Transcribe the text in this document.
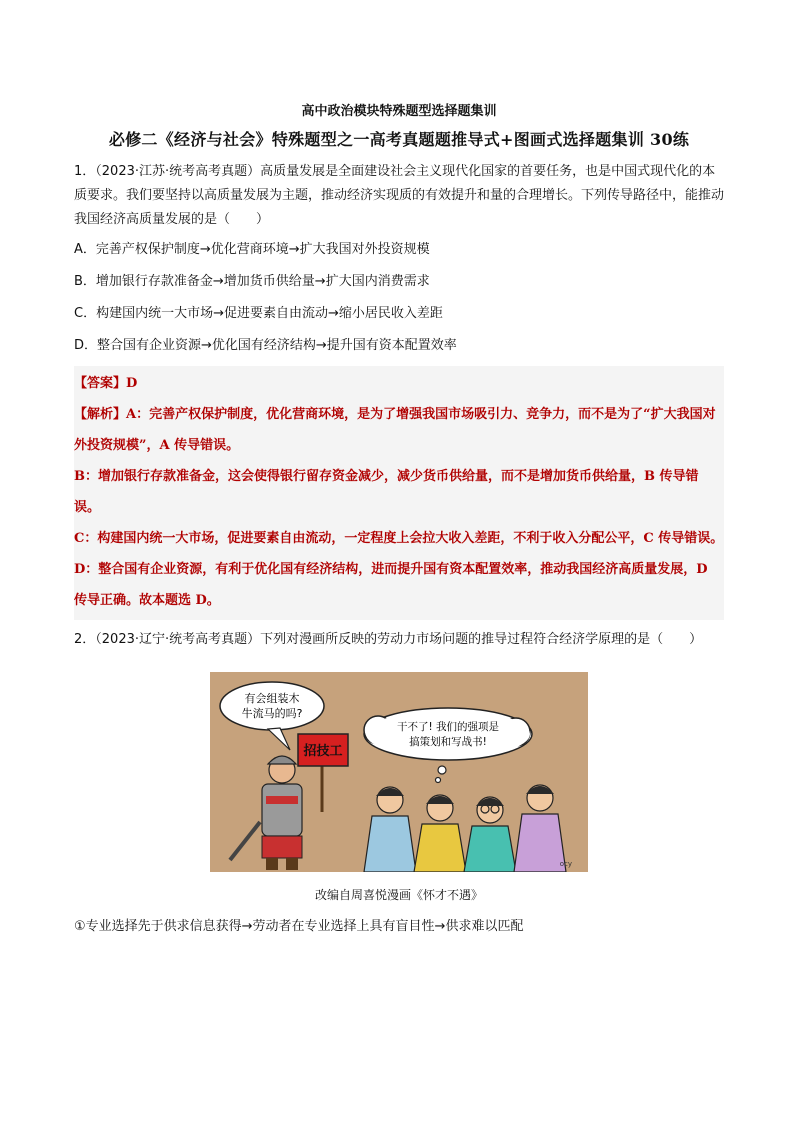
高中政治模块特殊题型选择题集训
必修二《经济与社会》特殊题型之一高考真题题推导式+图画式选择题集训 30练

1．（2023·江苏·统考高考真题）高质量发展是全面建设社会主义现代化国家的首要任务，也是中国式现代化的本质要求。我们要坚持以高质量发展为主题，推动经济实现质的有效提升和量的合理增长。下列传导路径中，能推动我国经济高质量发展的是（　　）

A．完善产权保护制度→优化营商环境→扩大我国对外投资规模

B．增加银行存款准备金→增加货币供给量→扩大国内消费需求

C．构建国内统一大市场→促进要素自由流动→缩小居民收入差距

D．整合国有企业资源→优化国有经济结构→提升国有资本配置效率

【答案】D

【解析】A：完善产权保护制度，优化营商环境，是为了增强我国市场吸引力、竞争力，而不是为了“扩大我国对外投资规模”，A 传导错误。

B：增加银行存款准备金，这会使得银行留存资金减少，减少货币供给量，而不是增加货币供给量，B 传导错误。

C：构建国内统一大市场，促进要素自由流动，一定程度上会拉大收入差距，不利于收入分配公平，C 传导错误。

D：整合国有企业资源，有利于优化国有经济结构，进而提升国有资本配置效率，推动我国经济高质量发展，D 传导正确。故本题选 D。

2．（2023·辽宁·统考高考真题）下列对漫画所反映的劳动力市场问题的推导过程符合经济学原理的是（　　）

有会组装木
牛流马的吗?
干不了! 我们的强项是
搞策划和写战书!
招技工
ocy
改编自周喜悦漫画《怀才不遇》

①专业选择先于供求信息获得→劳动者在专业选择上具有盲目性→供求难以匹配
